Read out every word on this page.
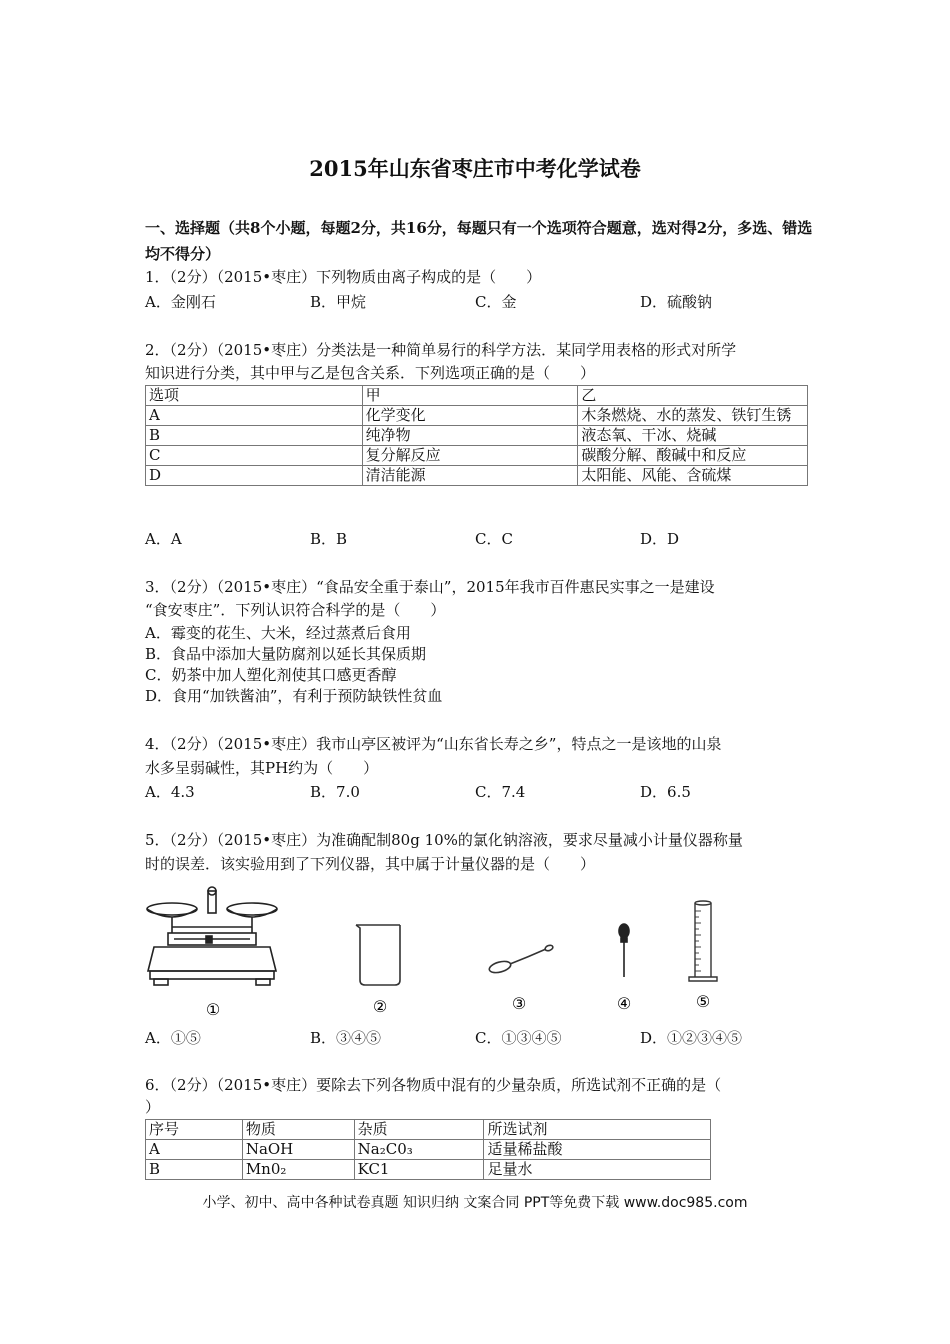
2015年山东省枣庄市中考化学试卷
一、选择题（共8个小题，每题2分，共16分，每题只有一个选项符合题意，选对得2分，多选、错选均不得分）
1．（2分）（2015•枣庄）下列物质由离子构成的是（　　）
A．金刚石	B．甲烷	C．金	D．硫酸钠
2．（2分）（2015•枣庄）分类法是一种简单易行的科学方法．某同学用表格的形式对所学
知识进行分类，其中甲与乙是包含关系．下列选项正确的是（　　）
选项	甲	乙
A	化学变化	木条燃烧、水的蒸发、铁钉生锈
B	纯净物	液态氧、干冰、烧碱
C	复分解反应	碳酸分解、酸碱中和反应
D	清洁能源	太阳能、风能、含硫煤
A．A	B．B	C．C	D．D
3．（2分）（2015•枣庄）“食品安全重于泰山”，2015年我市百件惠民实事之一是建设
“食安枣庄”．下列认识符合科学的是（　　）
A．霉变的花生、大米，经过蒸煮后食用
B．食品中添加大量防腐剂以延长其保质期
C．奶茶中加人塑化剂使其口感更香醇
D．食用“加铁酱油”，有利于预防缺铁性贫血
4．（2分）（2015•枣庄）我市山亭区被评为“山东省长寿之乡”，特点之一是该地的山泉
水多呈弱碱性，其PH约为（　　）
A．4.3	B．7.0	C．7.4	D．6.5
5．（2分）（2015•枣庄）为准确配制80g 10%的氯化钠溶液，要求尽量减小计量仪器称量
时的误差．该实验用到了下列仪器，其中属于计量仪器的是（　　）
①	②	③	④	⑤
A．①⑤	B．③④⑤	C．①③④⑤	D．①②③④⑤
6．（2分）（2015•枣庄）要除去下列各物质中混有的少量杂质，所选试剂不正确的是（
）
序号	物质	杂质	所选试剂
A	NaOH	Na₂C0₃	适量稀盐酸
B	Mn0₂	KC1	足量水
小学、初中、高中各种试卷真题 知识归纳 文案合同 PPT等免费下载 www.doc985.com
